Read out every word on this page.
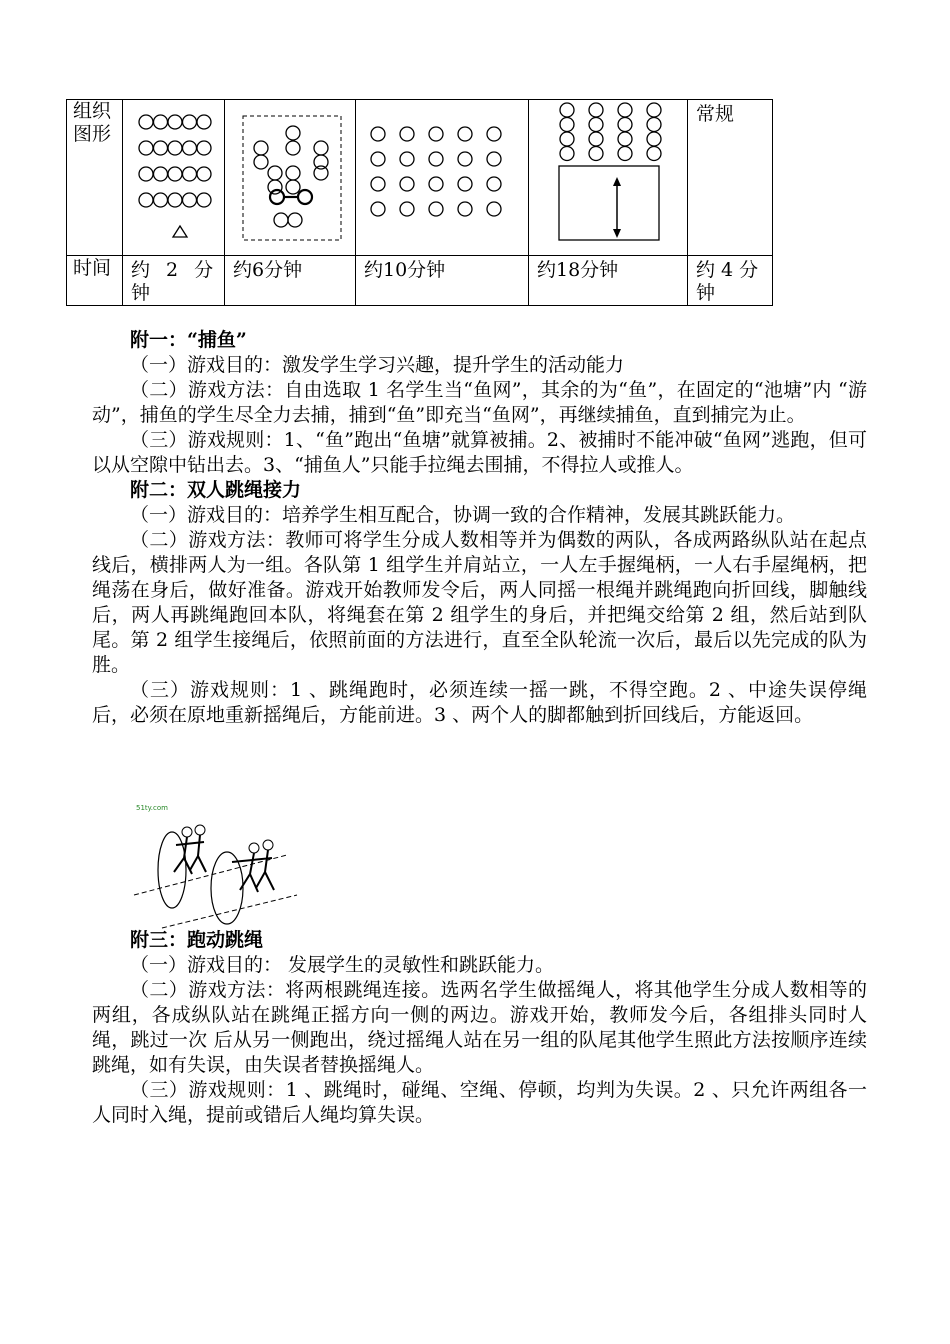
组织图形					常规
时间	约 2 分钟	约6分钟	约10分钟	约18分钟	约 4 分钟

附一：“捕鱼”

（一）游戏目的：激发学生学习兴趣，提升学生的活动能力

（二）游戏方法：自由选取 1 名学生当“鱼网”，其余的为“鱼”，在固定的“池塘”内 “游动”，捕鱼的学生尽全力去捕，捕到“鱼”即充当“鱼网”，再继续捕鱼，直到捕完为止。

（三）游戏规则：1、“鱼”跑出“鱼塘”就算被捕。2、被捕时不能冲破“鱼网”逃跑，但可以从空隙中钻出去。3、“捕鱼人”只能手拉绳去围捕，不得拉人或推人。

附二：双人跳绳接力

（一）游戏目的：培养学生相互配合，协调一致的合作精神，发展其跳跃能力。

（二）游戏方法：教师可将学生分成人数相等并为偶数的两队，各成两路纵队站在起点线后，横排两人为一组。各队第 1 组学生并肩站立，一人左手握绳柄，一人右手屋绳柄，把绳荡在身后，做好准备。游戏开始教师发令后，两人同摇一根绳并跳绳跑向折回线，脚触线后，两人再跳绳跑回本队，将绳套在第 2 组学生的身后，并把绳交给第 2 组，然后站到队尾。第 2 组学生接绳后，依照前面的方法进行，直至全队轮流一次后，最后以先完成的队为胜。

（三）游戏规则：1 、跳绳跑时，必须连续一摇一跳，不得空跑。2 、中途失误停绳后，必须在原地重新摇绳后，方能前进。3 、两个人的脚都触到折回线后，方能返回。

51ty.com

附三：跑动跳绳

（一）游戏目的： 发展学生的灵敏性和跳跃能力。

（二）游戏方法：将两根跳绳连接。选两名学生做摇绳人，将其他学生分成人数相等的两组，各成纵队站在跳绳正摇方向一侧的两边。游戏开始，教师发今后，各组排头同时人绳，跳过一次 后从另一侧跑出，绕过摇绳人站在另一组的队尾其他学生照此方法按顺序连续跳绳，如有失误，由失误者替换摇绳人。

（三）游戏规则：1 、跳绳时，碰绳、空绳、停顿，均判为失误。2 、只允许两组各一人同时入绳，提前或错后人绳均算失误。
